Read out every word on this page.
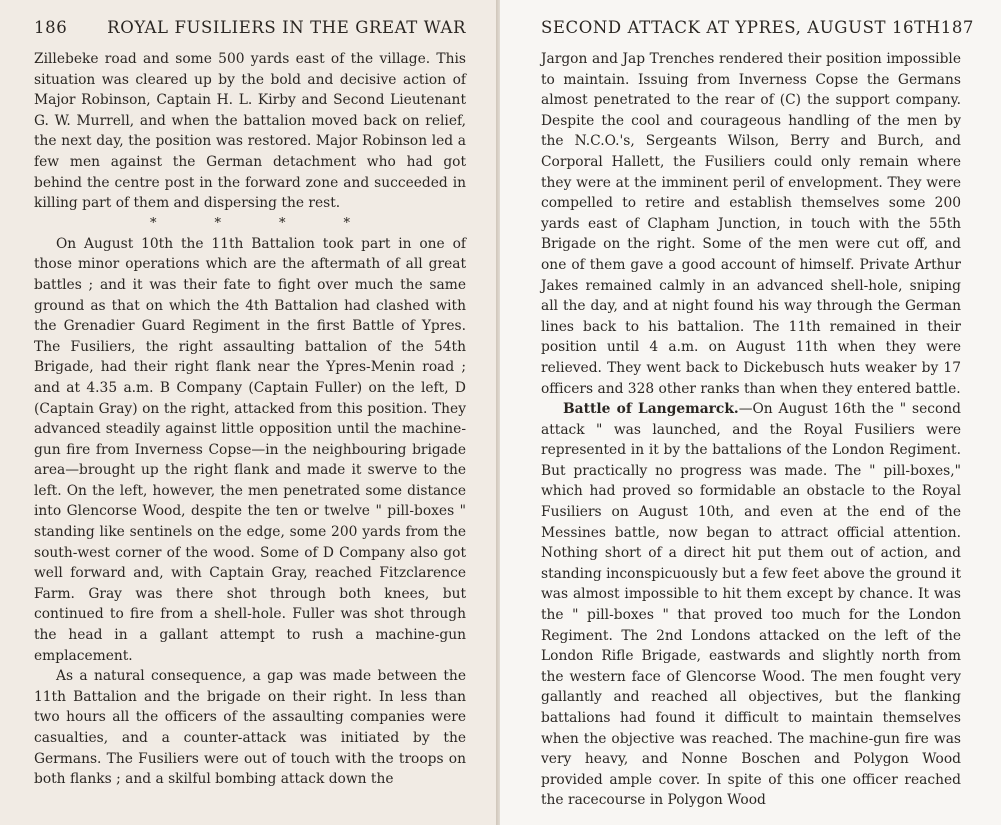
186 ROYAL FUSILIERS IN THE GREAT WAR

Zillebeke road and some 500 yards east of the village. This situation was cleared up by the bold and decisive action of Major Robinson, Captain H. L. Kirby and Second Lieutenant G. W. Murrell, and when the battalion moved back on relief, the next day, the position was restored. Major Robinson led a few men against the German detachment who had got behind the centre post in the forward zone and succeeded in killing part of them and dispersing the rest.

*	*	*	*

On August 10th the 11th Battalion took part in one of those minor operations which are the aftermath of all great battles ; and it was their fate to fight over much the same ground as that on which the 4th Battalion had clashed with the Grenadier Guard Regiment in the first Battle of Ypres. The Fusiliers, the right assaulting battalion of the 54th Brigade, had their right flank near the Ypres-Menin road ; and at 4.35 a.m. B Company (Captain Fuller) on the left, D (Captain Gray) on the right, attacked from this position. They advanced steadily against little opposition until the machine-gun fire from Inverness Copse—in the neighbouring brigade area—brought up the right flank and made it swerve to the left. On the left, however, the men penetrated some distance into Glencorse Wood, despite the ten or twelve " pill-boxes " standing like sentinels on the edge, some 200 yards from the south-west corner of the wood. Some of D Company also got well forward and, with Captain Gray, reached Fitzclarence Farm. Gray was there shot through both knees, but continued to fire from a shell-hole. Fuller was shot through the head in a gallant attempt to rush a machine-gun emplacement.

As a natural consequence, a gap was made between the 11th Battalion and the brigade on their right. In less than two hours all the officers of the assaulting companies were casualties, and a counter-attack was initiated by the Germans. The Fusiliers were out of touch with the troops on both flanks ; and a skilful bombing attack down the

SECOND ATTACK AT YPRES, AUGUST 16TH 187

Jargon and Jap Trenches rendered their position impossible to maintain. Issuing from Inverness Copse the Germans almost penetrated to the rear of (C) the support company. Despite the cool and courageous handling of the men by the N.C.O.'s, Sergeants Wilson, Berry and Burch, and Corporal Hallett, the Fusiliers could only remain where they were at the imminent peril of envelopment. They were compelled to retire and establish themselves some 200 yards east of Clapham Junction, in touch with the 55th Brigade on the right. Some of the men were cut off, and one of them gave a good account of himself. Private Arthur Jakes remained calmly in an advanced shell-hole, sniping all the day, and at night found his way through the German lines back to his battalion. The 11th remained in their position until 4 a.m. on August 11th when they were relieved. They went back to Dickebusch huts weaker by 17 officers and 328 other ranks than when they entered battle.

Battle of Langemarck.—On August 16th the " second attack " was launched, and the Royal Fusiliers were represented in it by the battalions of the London Regiment. But practically no progress was made. The " pill-boxes," which had proved so formidable an obstacle to the Royal Fusiliers on August 10th, and even at the end of the Messines battle, now began to attract official attention. Nothing short of a direct hit put them out of action, and standing inconspicuously but a few feet above the ground it was almost impossible to hit them except by chance. It was the " pill-boxes " that proved too much for the London Regiment. The 2nd Londons attacked on the left of the London Rifle Brigade, eastwards and slightly north from the western face of Glencorse Wood. The men fought very gallantly and reached all objectives, but the flanking battalions had found it difficult to maintain themselves when the objective was reached. The machine-gun fire was very heavy, and Nonne Boschen and Polygon Wood provided ample cover. In spite of this one officer reached the racecourse in Polygon Wood
